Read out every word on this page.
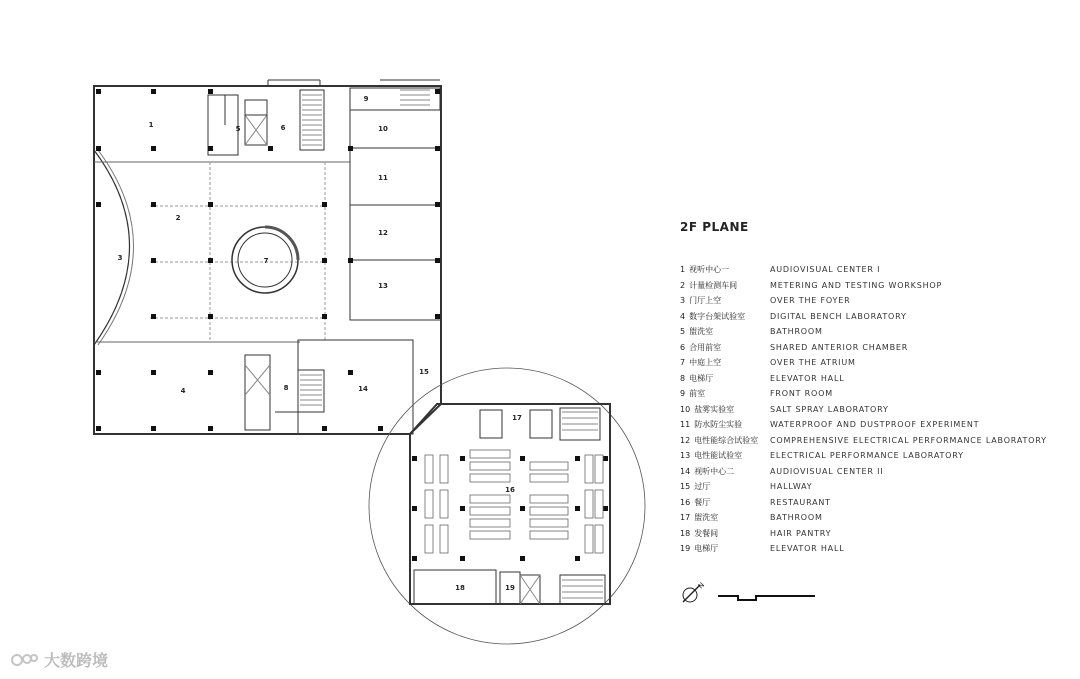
1
2
3
4
5	6
7
8
9
10
11
12
13
14
15
16
17
18	19	N
2F PLANE
1 视听中心一	AUDIOVISUAL CENTER I
2 计量检测车间	METERING AND TESTING WORKSHOP
3 门厅上空	OVER THE FOYER
4 数字台架试验室	DIGITAL BENCH LABORATORY
5 盥洗室	BATHROOM
6 合用前室	SHARED ANTERIOR CHAMBER
7 中庭上空	OVER THE ATRIUM
8 电梯厅	ELEVATOR HALL
9 前室	FRONT ROOM
10 盐雾实验室	SALT SPRAY LABORATORY
11 防水防尘实验	WATERPROOF AND DUSTPROOF EXPERIMENT
12 电性能综合试验室	COMPREHENSIVE ELECTRICAL PERFORMANCE LABORATORY
13 电性能试验室	ELECTRICAL PERFORMANCE LABORATORY
14 视听中心二	AUDIOVISUAL CENTER II
15 过厅	HALLWAY
16 餐厅	RESTAURANT
17 盥洗室	BATHROOM
18 发餐间	HAIR PANTRY
19 电梯厅	ELEVATOR HALL
大数跨境
